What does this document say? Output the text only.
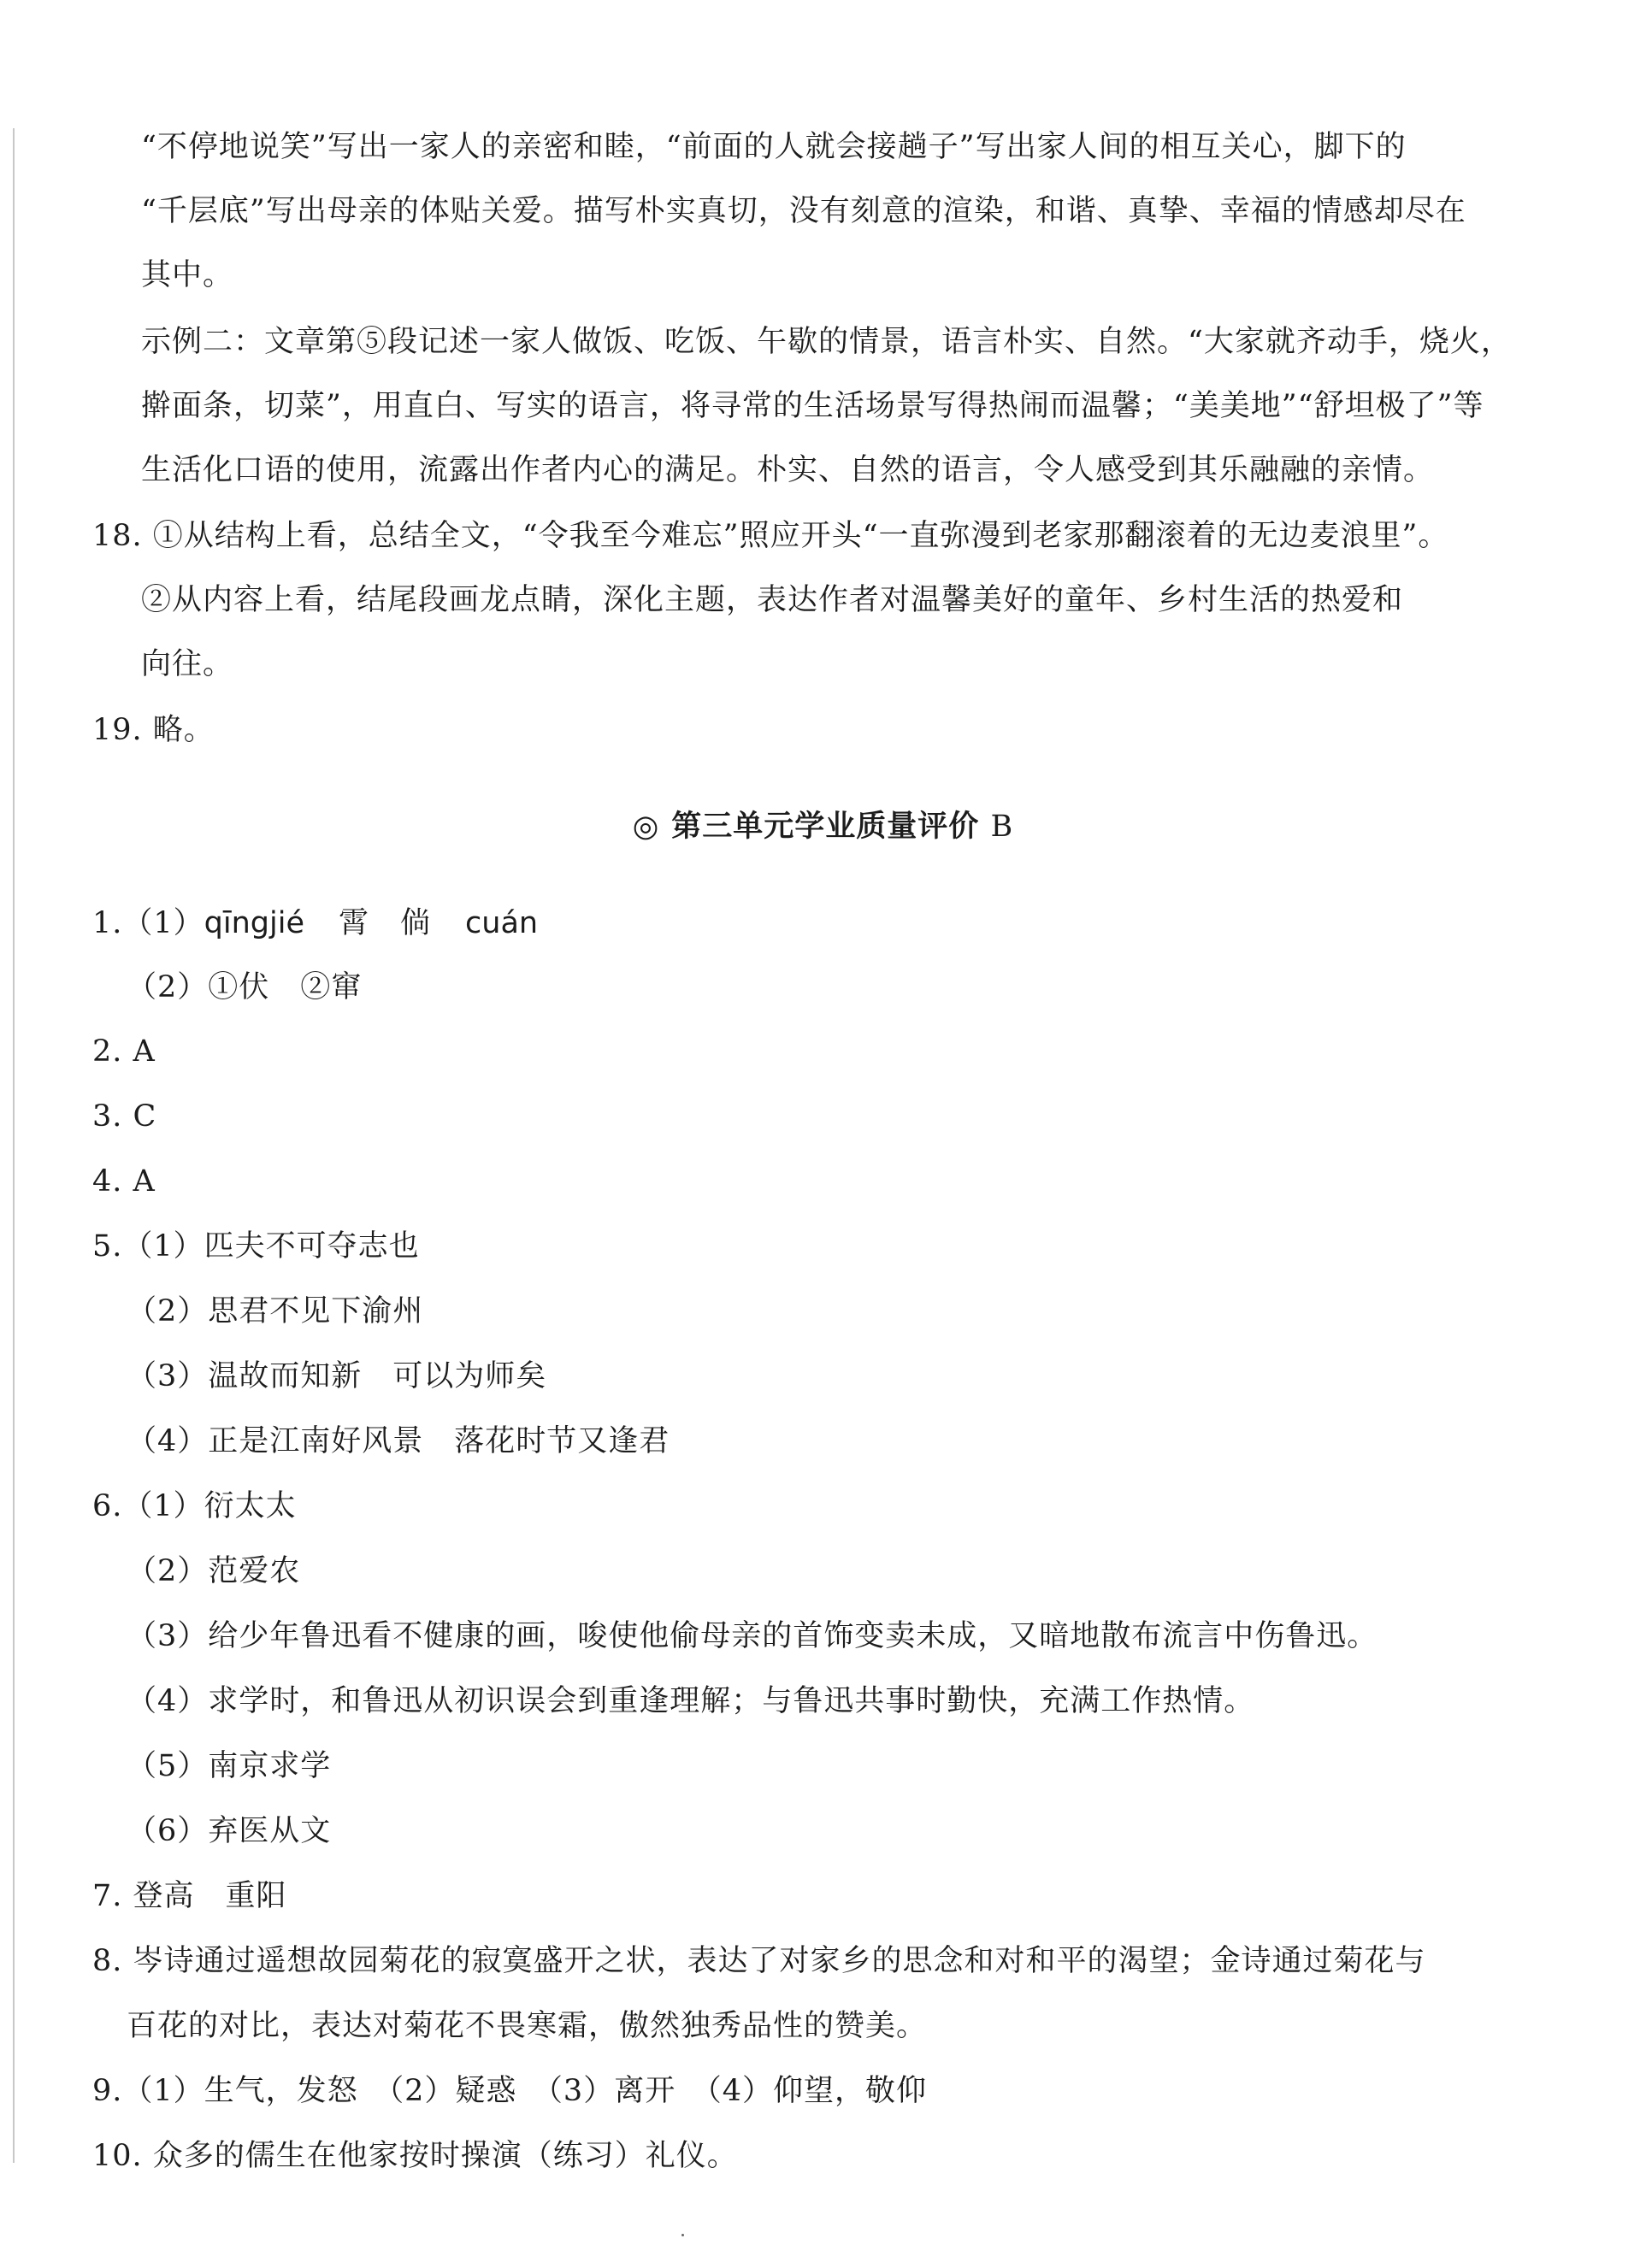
“不停地说笑”写出一家人的亲密和睦，“前面的人就会接趟子”写出家人间的相互关心，脚下的
“千层底”写出母亲的体贴关爱。描写朴实真切，没有刻意的渲染，和谐、真挚、幸福的情感却尽在
其中。
示例二：文章第⑤段记述一家人做饭、吃饭、午歇的情景，语言朴实、自然。“大家就齐动手，烧火，
擀面条，切菜”，用直白、写实的语言，将寻常的生活场景写得热闹而温馨；“美美地”“舒坦极了”等
生活化口语的使用，流露出作者内心的满足。朴实、自然的语言，令人感受到其乐融融的亲情。
18. ①从结构上看，总结全文，“令我至今难忘”照应开头“一直弥漫到老家那翻滚着的无边麦浪里”。
②从内容上看，结尾段画龙点睛，深化主题，表达作者对温馨美好的童年、乡村生活的热爱和
向往。
19. 略。
◎ 第三单元学业质量评价 B
1.（1）qīngjié 霄　倘 cuán
（2）①伏　②窜
2. A
3. C
4. A
5.（1）匹夫不可夺志也
（2）思君不见下渝州
（3）温故而知新　可以为师矣
（4）正是江南好风景　落花时节又逢君
6.（1）衍太太
（2）范爱农
（3）给少年鲁迅看不健康的画，唆使他偷母亲的首饰变卖未成，又暗地散布流言中伤鲁迅。
（4）求学时，和鲁迅从初识误会到重逢理解；与鲁迅共事时勤快，充满工作热情。
（5）南京求学
（6）弃医从文
7. 登高　重阳
8. 岑诗通过遥想故园菊花的寂寞盛开之状，表达了对家乡的思念和对和平的渴望；金诗通过菊花与
百花的对比，表达对菊花不畏寒霜，傲然独秀品性的赞美。
9.（1）生气，发怒　（2）疑惑　（3）离开　（4）仰望，敬仰
10. 众多的儒生在他家按时操演（练习）礼仪。
